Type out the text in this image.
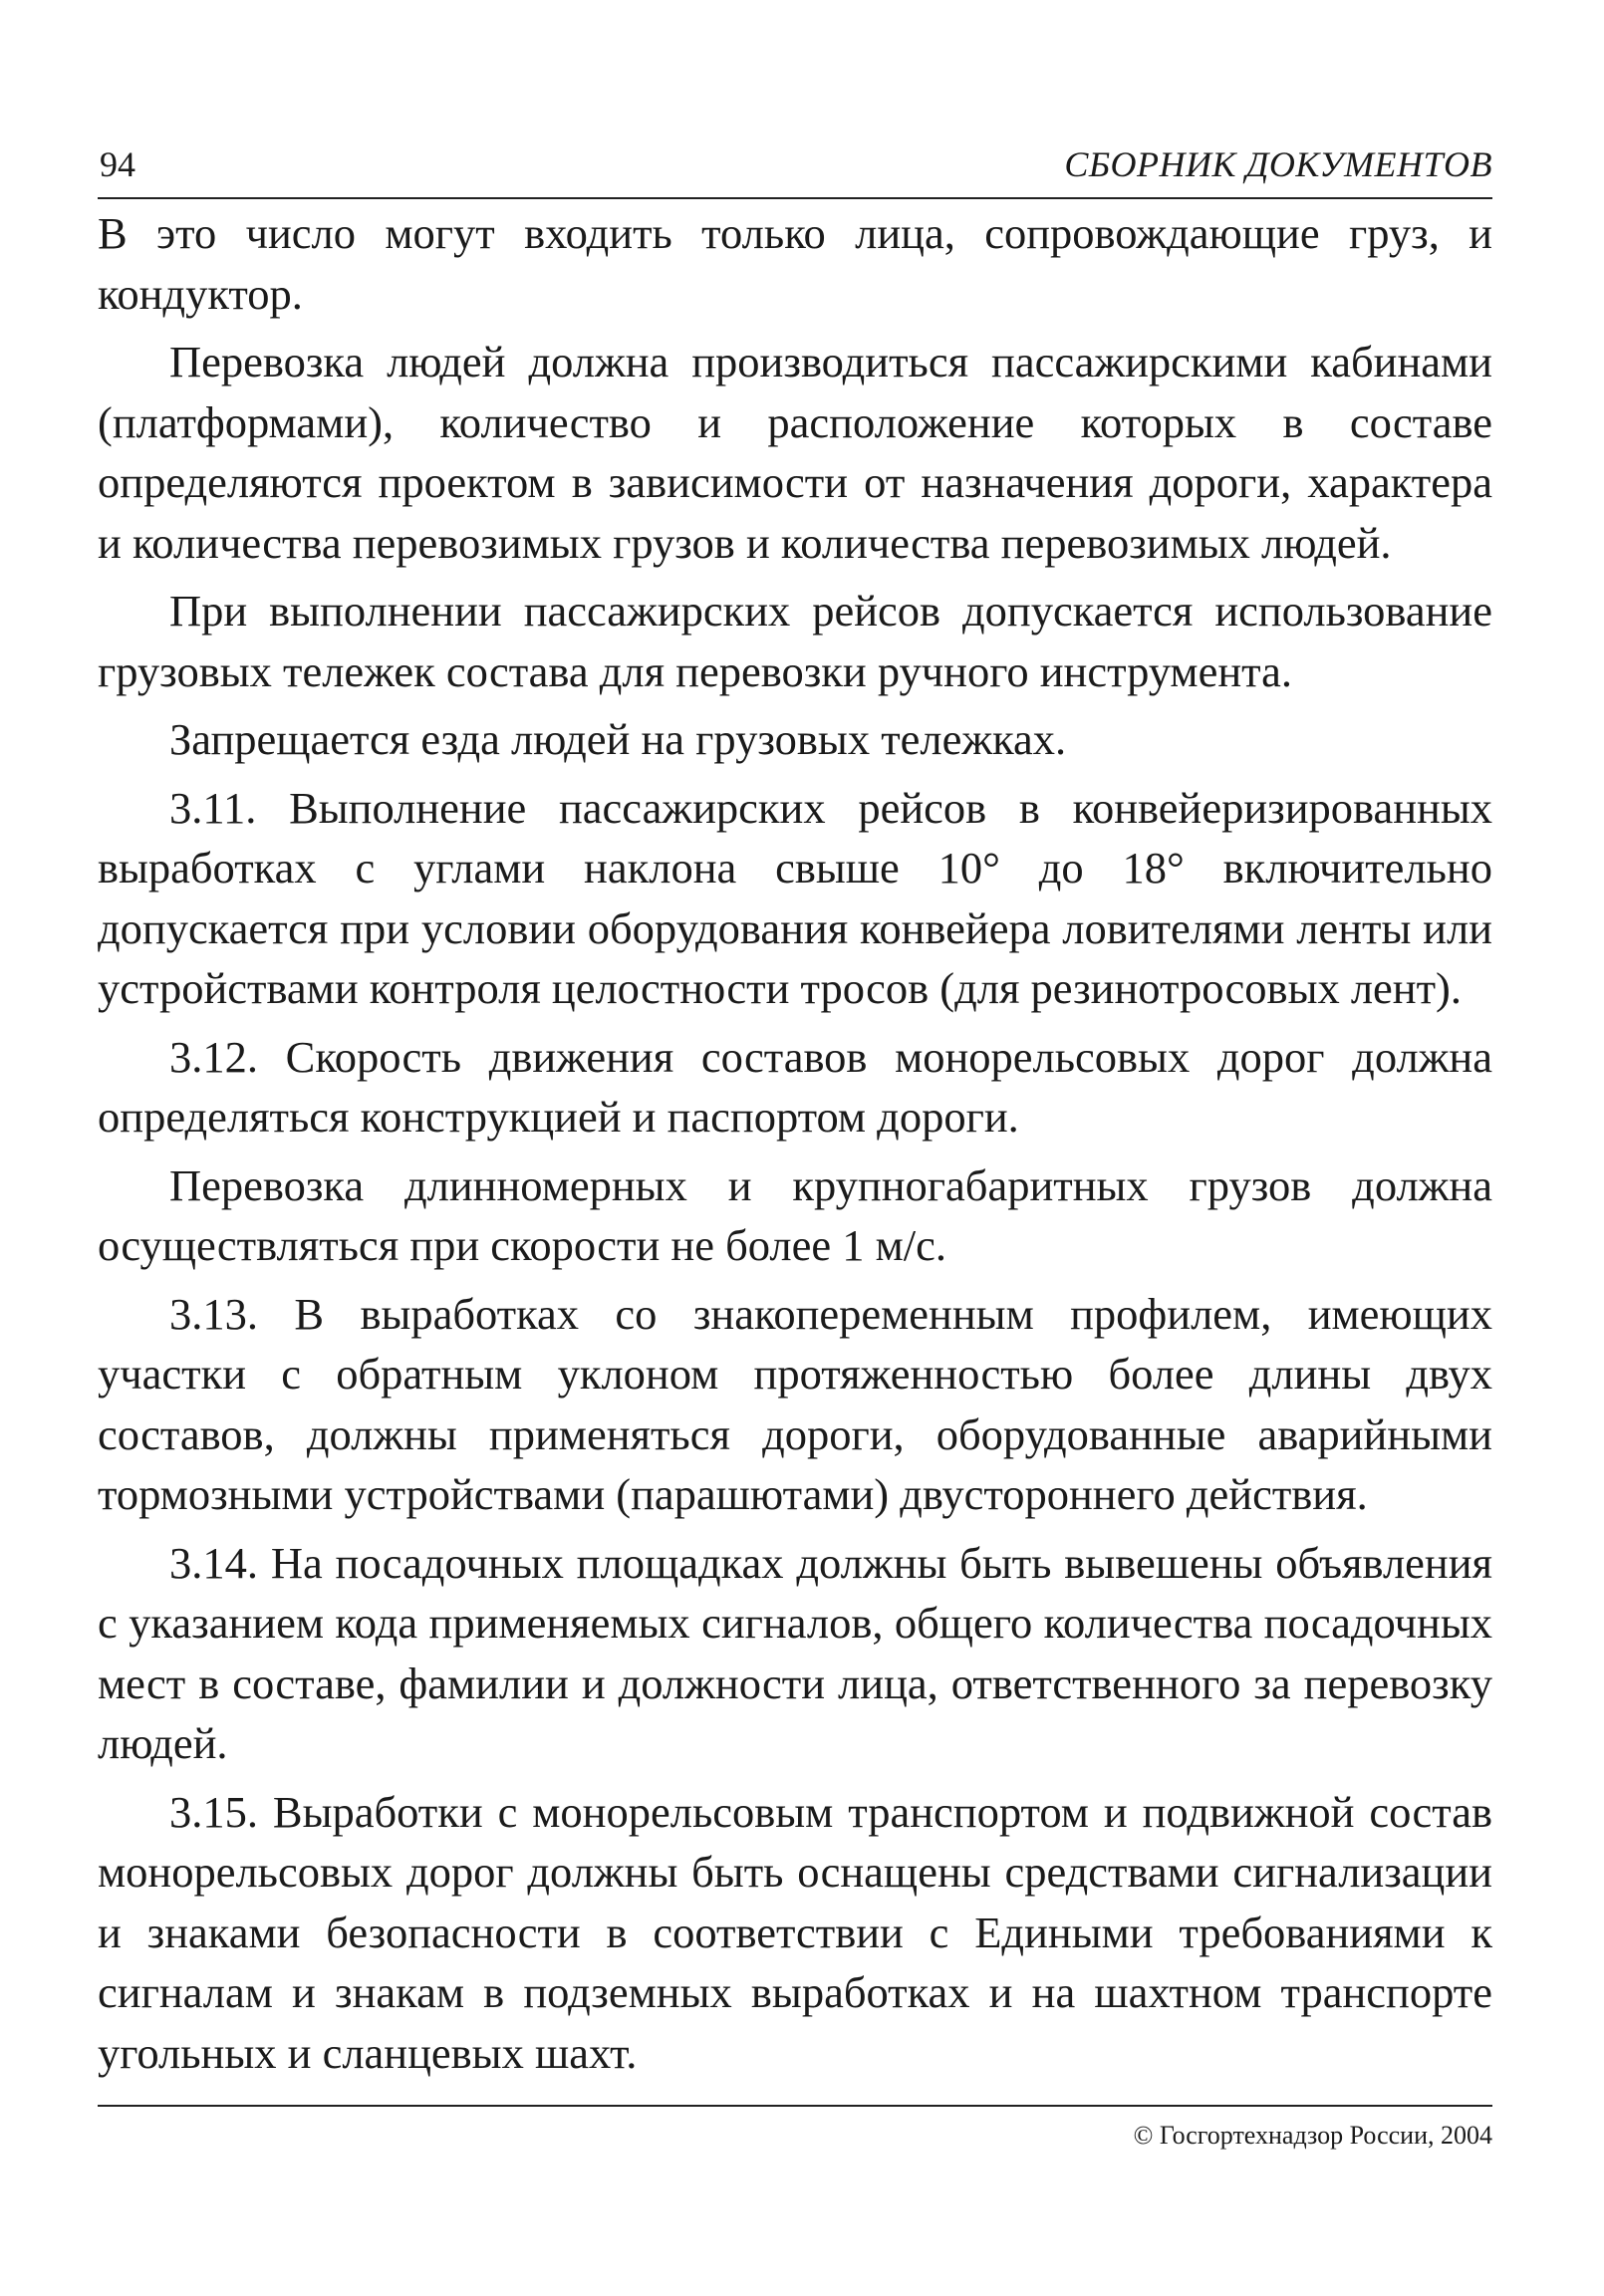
94	СБОРНИК ДОКУМЕНТОВ

В это число могут входить только лица, сопровождающие груз, и кондуктор.

Перевозка людей должна производиться пассажирскими кабинами (платформами), количество и расположение которых в составе определяются проектом в зависимости от назначения дороги, характера и количества перевозимых грузов и количества перевозимых людей.

При выполнении пассажирских рейсов допускается использование грузовых тележек состава для перевозки ручного инструмента.

Запрещается езда людей на грузовых тележках.

3.11. Выполнение пассажирских рейсов в конвейеризированных выработках с углами наклона свыше 10° до 18° включительно допускается при условии оборудования конвейера ловителями ленты или устройствами контроля целостности тросов (для резинотросовых лент).

3.12. Скорость движения составов монорельсовых дорог должна определяться конструкцией и паспортом дороги.

Перевозка длинномерных и крупногабаритных грузов должна осуществляться при скорости не более 1 м/с.

3.13. В выработках со знакопеременным профилем, имеющих участки с обратным уклоном протяженностью более длины двух составов, должны применяться дороги, оборудованные аварийными тормозными устройствами (парашютами) двустороннего действия.

3.14. На посадочных площадках должны быть вывешены объявления с указанием кода применяемых сигналов, общего количества посадочных мест в составе, фамилии и должности лица, ответственного за перевозку людей.

3.15. Выработки с монорельсовым транспортом и подвижной состав монорельсовых дорог должны быть оснащены средствами сигнализации и знаками безопасности в соответствии с Едиными требованиями к сигналам и знакам в подземных выработках и на шахтном транспорте угольных и сланцевых шахт.

© Госгортехнадзор России, 2004
